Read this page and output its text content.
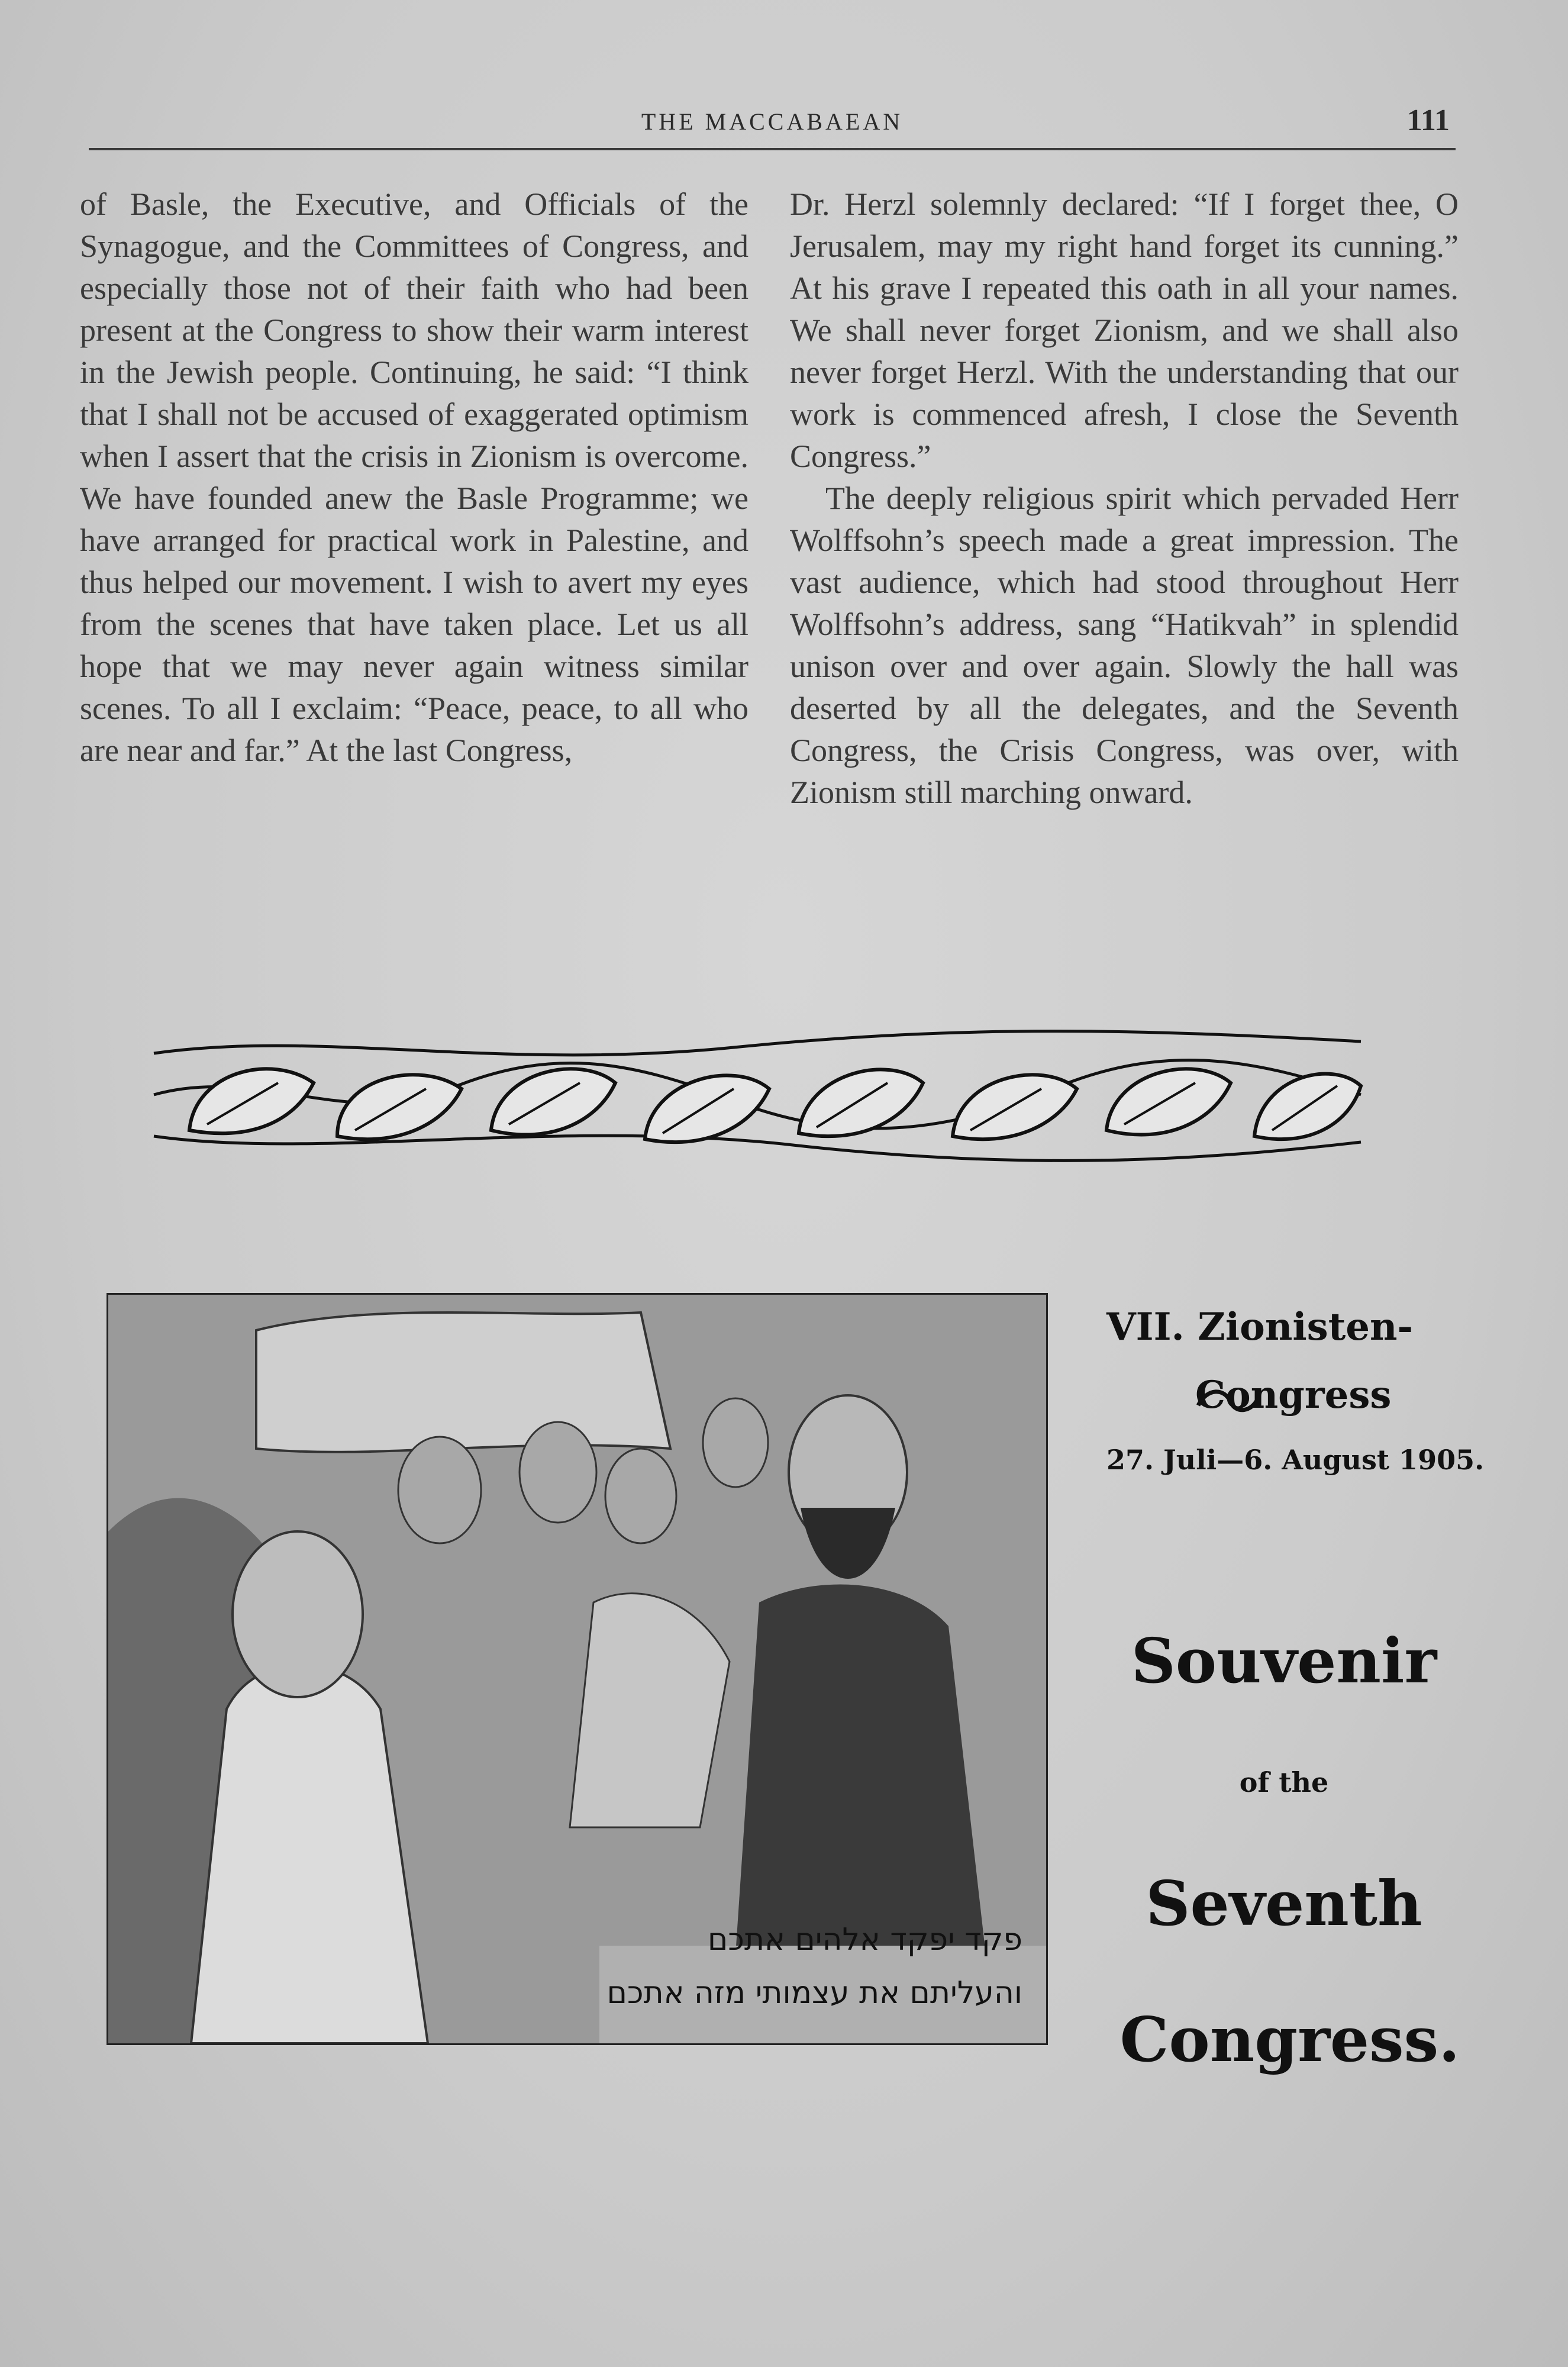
THE MACCABAEAN	111

of Basle, the Executive, and Officials of the Synagogue, and the Committees of Congress, and especially those not of their faith who had been present at the Congress to show their warm interest in the Jewish people. Continuing, he said: “I think that I shall not be accused of exaggerated optimism when I assert that the crisis in Zionism is overcome. We have founded anew the Basle Programme; we have arranged for practical work in Palestine, and thus helped our movement. I wish to avert my eyes from the scenes that have taken place. Let us all hope that we may never again witness similar scenes. To all I exclaim: “Peace, peace, to all who are near and far.” At the last Congress,

Dr. Herzl solemnly declared: “If I forget thee, O Jerusalem, may my right hand forget its cunning.” At his grave I repeated this oath in all your names. We shall never forget Zionism, and we shall also never forget Herzl. With the understanding that our work is commenced afresh, I close the Seventh Congress.”

The deeply religious spirit which pervaded Herr Wolffsohn’s speech made a great impression. The vast audience, which had stood throughout Herr Wolffsohn’s address, sang “Hatikvah” in splendid unison over and over again. Slowly the hall was deserted by all the delegates, and the Seventh Congress, the Crisis Congress, was over, with Zionism still marching onward.

פקד יפקד אלהים אתכם
והעליתם את עצמותי מזה אתכם
VII. Zionisten-
Congress
27. Juli—6. August 1905.
Souvenir
of the
Seventh
Congress.
